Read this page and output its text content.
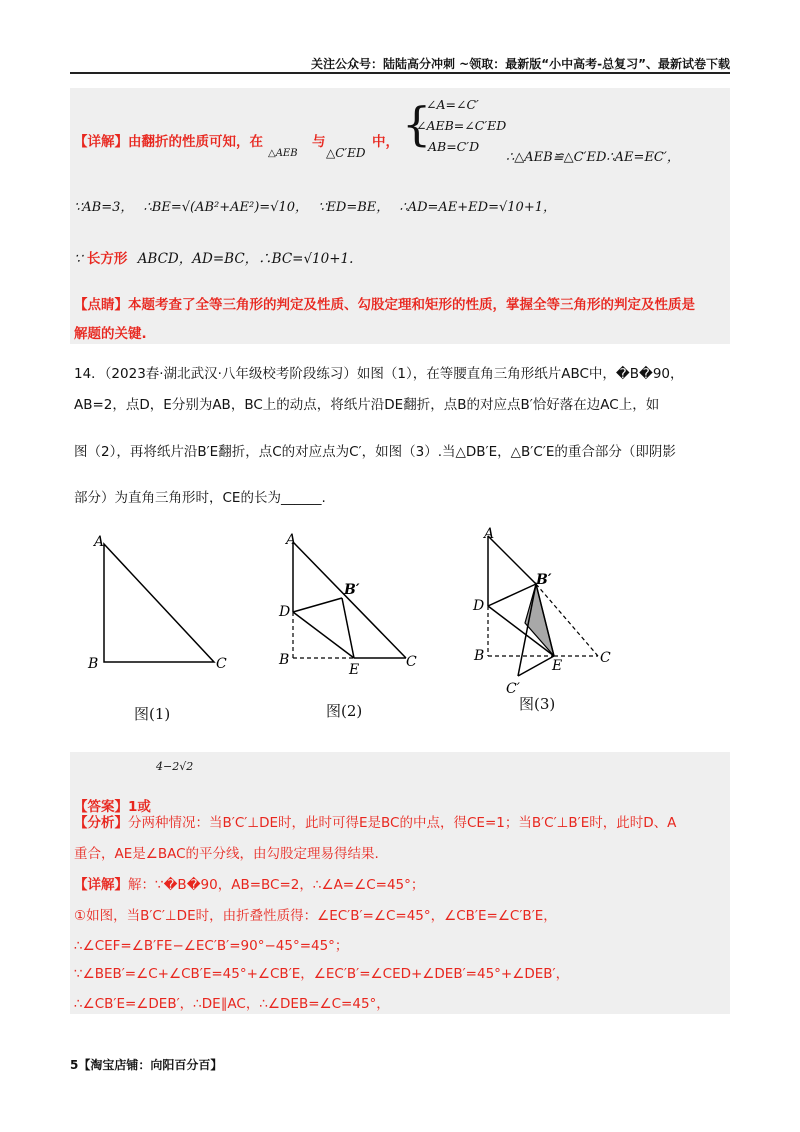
关注公众号：陆陆高分冲刺 ~领取：最新版“小中高考-总复习”、最新试卷下载
【详解】由翻折的性质可知，在
△AEB
与
△C′ED
中， {
∠A=∠C′
∠AEB=∠C′ED
AB=C′D
∴△AEB≌△C′ED∴AE=EC′，
∵AB=3， ∴BE=√(AB²+AE²)=√10， ∵ED=BE， ∴AD=AE+ED=√10+1，
∵ 长方形 ABCD，AD=BC，∴BC=√10+1.
【点睛】本题考查了全等三角形的判定及性质、勾股定理和矩形的性质，掌握全等三角形的判定及性质是
解题的关键.
14．（2023春·湖北武汉·八年级校考阶段练习）如图（1），在等腰直角三角形纸片ABC中，�B�90，
AB=2，点D，E分别为AB，BC上的动点，将纸片沿DE翻折，点B的对应点B′恰好落在边AC上，如
图（2），再将纸片沿B′E翻折，点C的对应点为C′，如图（3）.当△DB′E，△B′C′E的重合部分（即阴影
部分）为直角三角形时，CE的长为______.
A
B	C
图(1)
A
B′
D
B
E	C
图(2)
A
B′
D
B
E	C
C′
图(3)
【答案】1或
4−2√2
【分析】分两种情况：当B′C′⊥DE时，此时可得E是BC的中点，得CE=1；当B′C′⊥B′E时，此时D、A
重合，AE是∠BAC的平分线，由勾股定理易得结果.
【详解】解：∵�B�90，AB=BC=2，∴∠A=∠C=45°；
①如图，当B′C′⊥DE时，由折叠性质得：∠EC′B′=∠C=45°，∠CB′E=∠C′B′E，
∴∠CEF=∠B′FE−∠EC′B′=90°−45°=45°；
∵∠BEB′=∠C+∠CB′E=45°+∠CB′E，∠EC′B′=∠CED+∠DEB′=45°+∠DEB′，
∴∠CB′E=∠DEB′，∴DE∥AC，∴∠DEB=∠C=45°，
5【淘宝店铺：向阳百分百】
